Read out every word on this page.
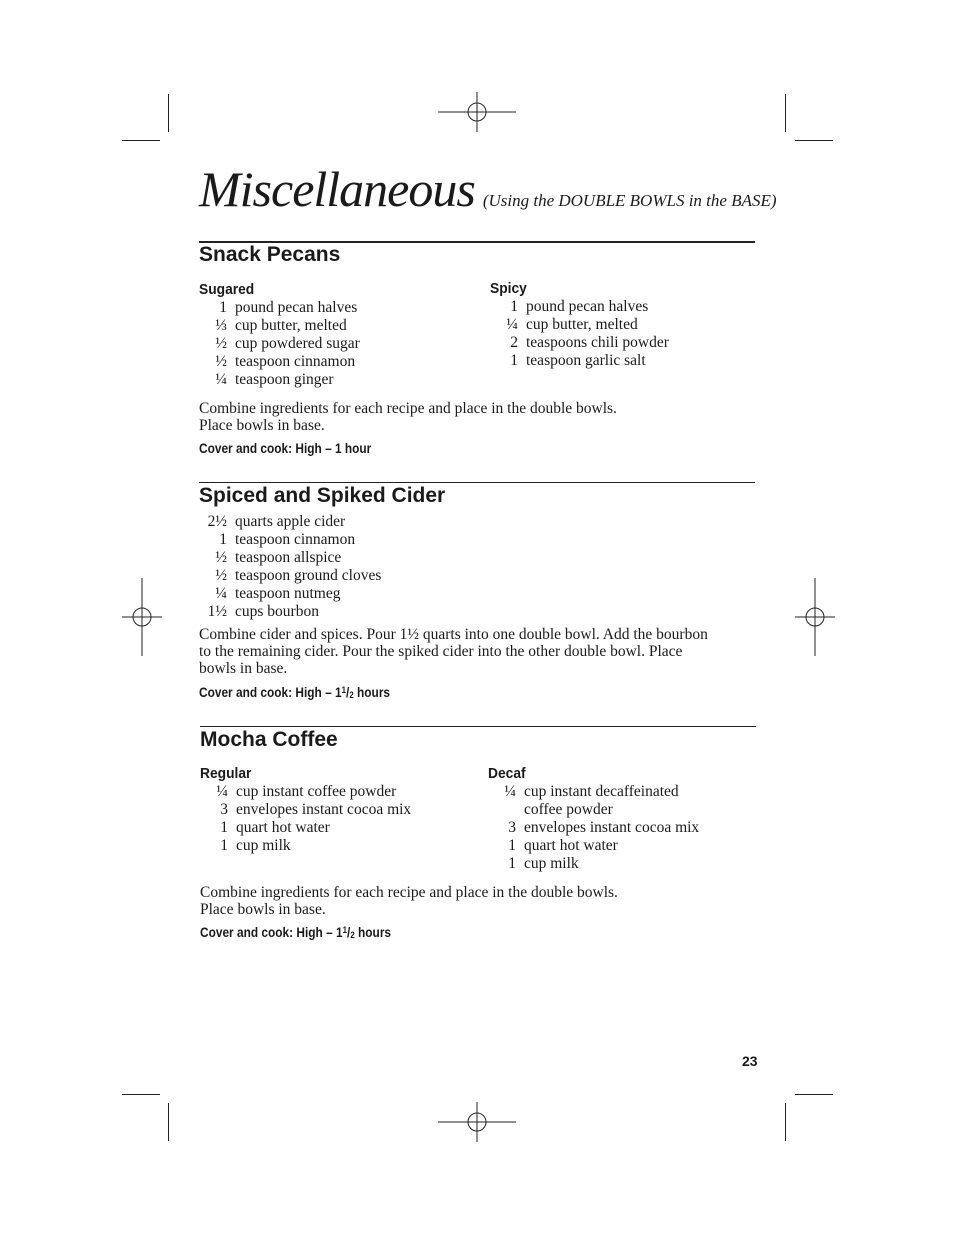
Miscellaneous (Using the DOUBLE BOWLS in the BASE)
Snack Pecans
Sugared
1 pound pecan halves
⅓ cup butter, melted
½ cup powdered sugar
½ teaspoon cinnamon
¼ teaspoon ginger
Spicy
1 pound pecan halves
¼ cup butter, melted
2 teaspoons chili powder
1 teaspoon garlic salt
Combine ingredients for each recipe and place in the double bowls.
Place bowls in base.
Cover and cook: High – 1 hour
Spiced and Spiked Cider
2½ quarts apple cider
1 teaspoon cinnamon
½ teaspoon allspice
½ teaspoon ground cloves
¼ teaspoon nutmeg
1½ cups bourbon
Combine cider and spices. Pour 1½ quarts into one double bowl. Add the bourbon
to the remaining cider. Pour the spiked cider into the other double bowl. Place
bowls in base.
Cover and cook: High – $1^1/_2$ hours
Mocha Coffee
Regular
¼ cup instant coffee powder
3 envelopes instant cocoa mix
1 quart hot water
1 cup milk
Decaf
¼ cup instant decaffeinated
coffee powder
3 envelopes instant cocoa mix
1 quart hot water
1 cup milk
Combine ingredients for each recipe and place in the double bowls.
Place bowls in base.
Cover and cook: High – $1^1/_2$ hours
23
